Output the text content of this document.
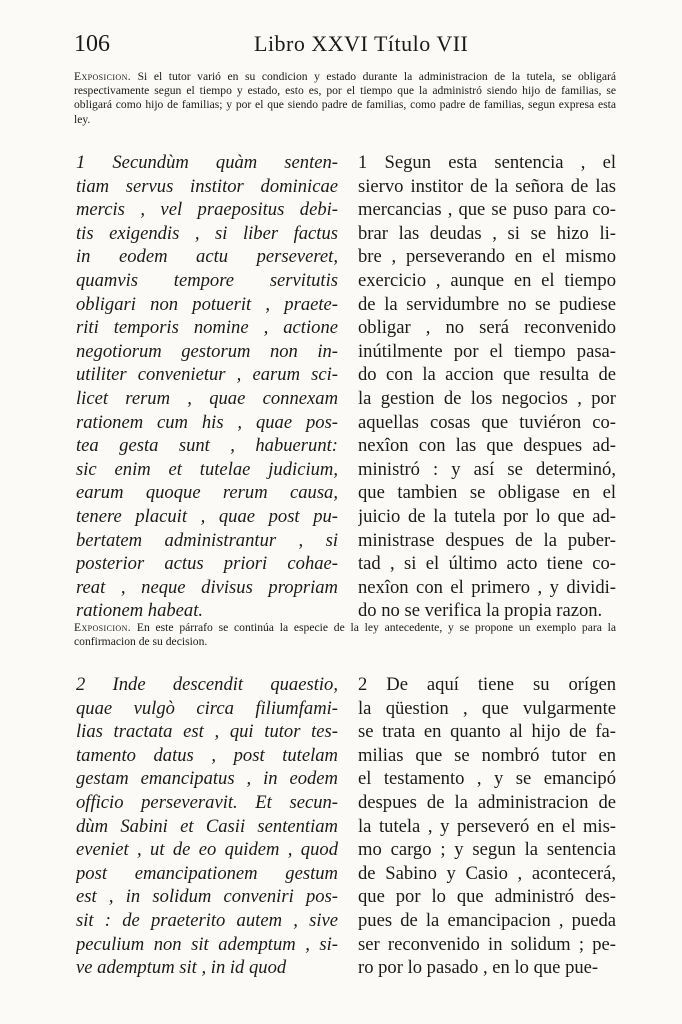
106	Libro XXVI Título VII
Exposicion. Si el tutor varió en su condicion y estado durante la administracion de la tutela, se obligará respectivamente segun el tiempo y estado, esto es, por el tiempo que la administró siendo hijo de familias, se obligará como hijo de familias; y por el que siendo padre de familias, como padre de familias, segun expresa esta ley.
1 Secundùm quàm senten-
tiam servus institor dominicae
mercis , vel praepositus debi-
tis exigendis , si liber factus
in eodem actu perseveret,
quamvis tempore servitutis
obligari non potuerit , praete-
riti temporis nomine , actione
negotiorum gestorum non in-
utiliter convenietur , earum sci-
licet rerum , quae connexam
rationem cum his , quae pos-
tea gesta sunt , habuerunt:
sic enim et tutelae judicium,
earum quoque rerum causa,
tenere placuit , quae post pu-
bertatem administrantur , si
posterior actus priori cohae-
reat , neque divisus propriam
rationem habeat.
1 Segun esta sentencia , el
siervo institor de la señora de las
mercancias , que se puso para co-
brar las deudas , si se hizo li-
bre , perseverando en el mismo
exercicio , aunque en el tiempo
de la servidumbre no se pudiese
obligar , no será reconvenido
inútilmente por el tiempo pasa-
do con la accion que resulta de
la gestion de los negocios , por
aquellas cosas que tuviéron co-
nexîon con las que despues ad-
ministró : y así se determinó,
que tambien se obligase en el
juicio de la tutela por lo que ad-
ministrase despues de la puber-
tad , si el último acto tiene co-
nexîon con el primero , y dividi-
do no se verifica la propia razon.
Exposicion. En este párrafo se continúa la especie de la ley antecedente, y se propone un exemplo para la confirmacion de su decision.
2 Inde descendit quaestio,
quae vulgò circa filiumfami-
lias tractata est , qui tutor tes-
tamento datus , post tutelam
gestam emancipatus , in eodem
officio perseveravit. Et secun-
dùm Sabini et Casii sententiam
eveniet , ut de eo quidem , quod
post emancipationem gestum
est , in solidum conveniri pos-
sit : de praeterito autem , sive
peculium non sit ademptum , si-
ve ademptum sit , in id quod
2 De aquí tiene su orígen
la qüestion , que vulgarmente
se trata en quanto al hijo de fa-
milias que se nombró tutor en
el testamento , y se emancipó
despues de la administracion de
la tutela , y perseveró en el mis-
mo cargo ; y segun la sentencia
de Sabino y Casio , acontecerá,
que por lo que administró des-
pues de la emancipacion , pueda
ser reconvenido in solidum ; pe-
ro por lo pasado , en lo que pue-
